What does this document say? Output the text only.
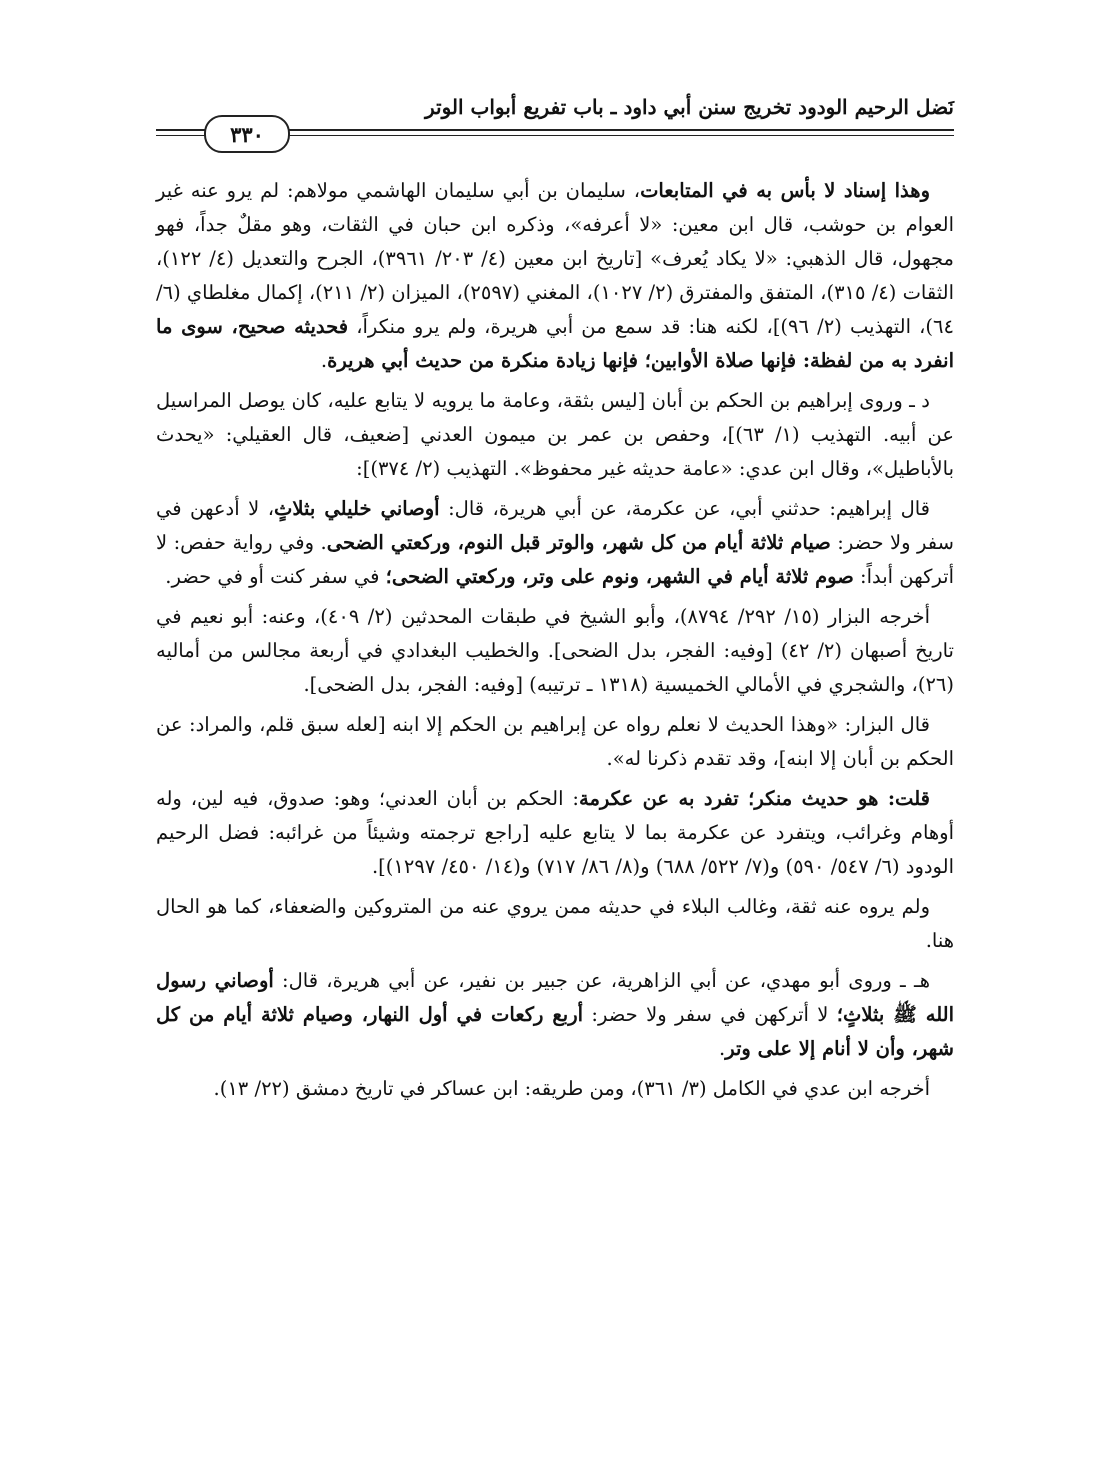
نَضل الرحيم الودود تخريج سنن أبي داود ـ باب تفريع أبواب الوتر
٣٣٠

وهذا إسناد لا بأس به في المتابعات، سليمان بن أبي سليمان الهاشمي مولاهم: لم يرو عنه غير العوام بن حوشب، قال ابن معين: «لا أعرفه»، وذكره ابن حبان في الثقات، وهو مقلٌ جداً، فهو مجهول، قال الذهبي: «لا يكاد يُعرف» [تاريخ ابن معين (٤/ ٢٠٣/ ٣٩٦١)، الجرح والتعديل (٤/ ١٢٢)، الثقات (٤/ ٣١٥)، المتفق والمفترق (٢/ ١٠٢٧)، المغني (٢٥٩٧)، الميزان (٢/ ٢١١)، إكمال مغلطاي (٦/ ٦٤)، التهذيب (٢/ ٩٦)]، لكنه هنا: قد سمع من أبي هريرة، ولم يرو منكراً، فحديثه صحيح، سوى ما انفرد به من لفظة: فإنها صلاة الأوابين؛ فإنها زيادة منكرة من حديث أبي هريرة.

د ـ وروى إبراهيم بن الحكم بن أبان [ليس بثقة، وعامة ما يرويه لا يتابع عليه، كان يوصل المراسيل عن أبيه. التهذيب (١/ ٦٣)]، وحفص بن عمر بن ميمون العدني [ضعيف، قال العقيلي: «يحدث بالأباطيل»، وقال ابن عدي: «عامة حديثه غير محفوظ». التهذيب (٢/ ٣٧٤)]:

قال إبراهيم: حدثني أبي، عن عكرمة، عن أبي هريرة، قال: أوصاني خليلي بثلاثٍ، لا أدعهن في سفر ولا حضر: صيام ثلاثة أيام من كل شهر، والوتر قبل النوم، وركعتي الضحى. وفي رواية حفص: لا أتركهن أبداً: صوم ثلاثة أيام في الشهر، ونوم على وتر، وركعتي الضحى؛ في سفر كنت أو في حضر.

أخرجه البزار (١٥/ ٢٩٢/ ٨٧٩٤)، وأبو الشيخ في طبقات المحدثين (٢/ ٤٠٩)، وعنه: أبو نعيم في تاريخ أصبهان (٢/ ٤٢) [وفيه: الفجر، بدل الضحى]. والخطيب البغدادي في أربعة مجالس من أماليه (٢٦)، والشجري في الأمالي الخميسية (١٣١٨ ـ ترتيبه) [وفيه: الفجر، بدل الضحى].

قال البزار: «وهذا الحديث لا نعلم رواه عن إبراهيم بن الحكم إلا ابنه [لعله سبق قلم، والمراد: عن الحكم بن أبان إلا ابنه]، وقد تقدم ذكرنا له».

قلت: هو حديث منكر؛ تفرد به عن عكرمة: الحكم بن أبان العدني؛ وهو: صدوق، فيه لين، وله أوهام وغرائب، ويتفرد عن عكرمة بما لا يتابع عليه [راجع ترجمته وشيئاً من غرائبه: فضل الرحيم الودود (٦/ ٥٤٧/ ٥٩٠) و(٧/ ٥٢٢/ ٦٨٨) و(٨/ ٨٦/ ٧١٧) و(١٤/ ٤٥٠/ ١٢٩٧)].

ولم يروه عنه ثقة، وغالب البلاء في حديثه ممن يروي عنه من المتروكين والضعفاء، كما هو الحال هنا.

هـ ـ وروى أبو مهدي، عن أبي الزاهرية، عن جبير بن نفير، عن أبي هريرة، قال: أوصاني رسول الله ﷺ بثلاثٍ؛ لا أتركهن في سفر ولا حضر: أربع ركعات في أول النهار، وصيام ثلاثة أيام من كل شهر، وأن لا أنام إلا على وتر.

أخرجه ابن عدي في الكامل (٣/ ٣٦١)، ومن طريقه: ابن عساكر في تاريخ دمشق (٢٢/ ١٣).
